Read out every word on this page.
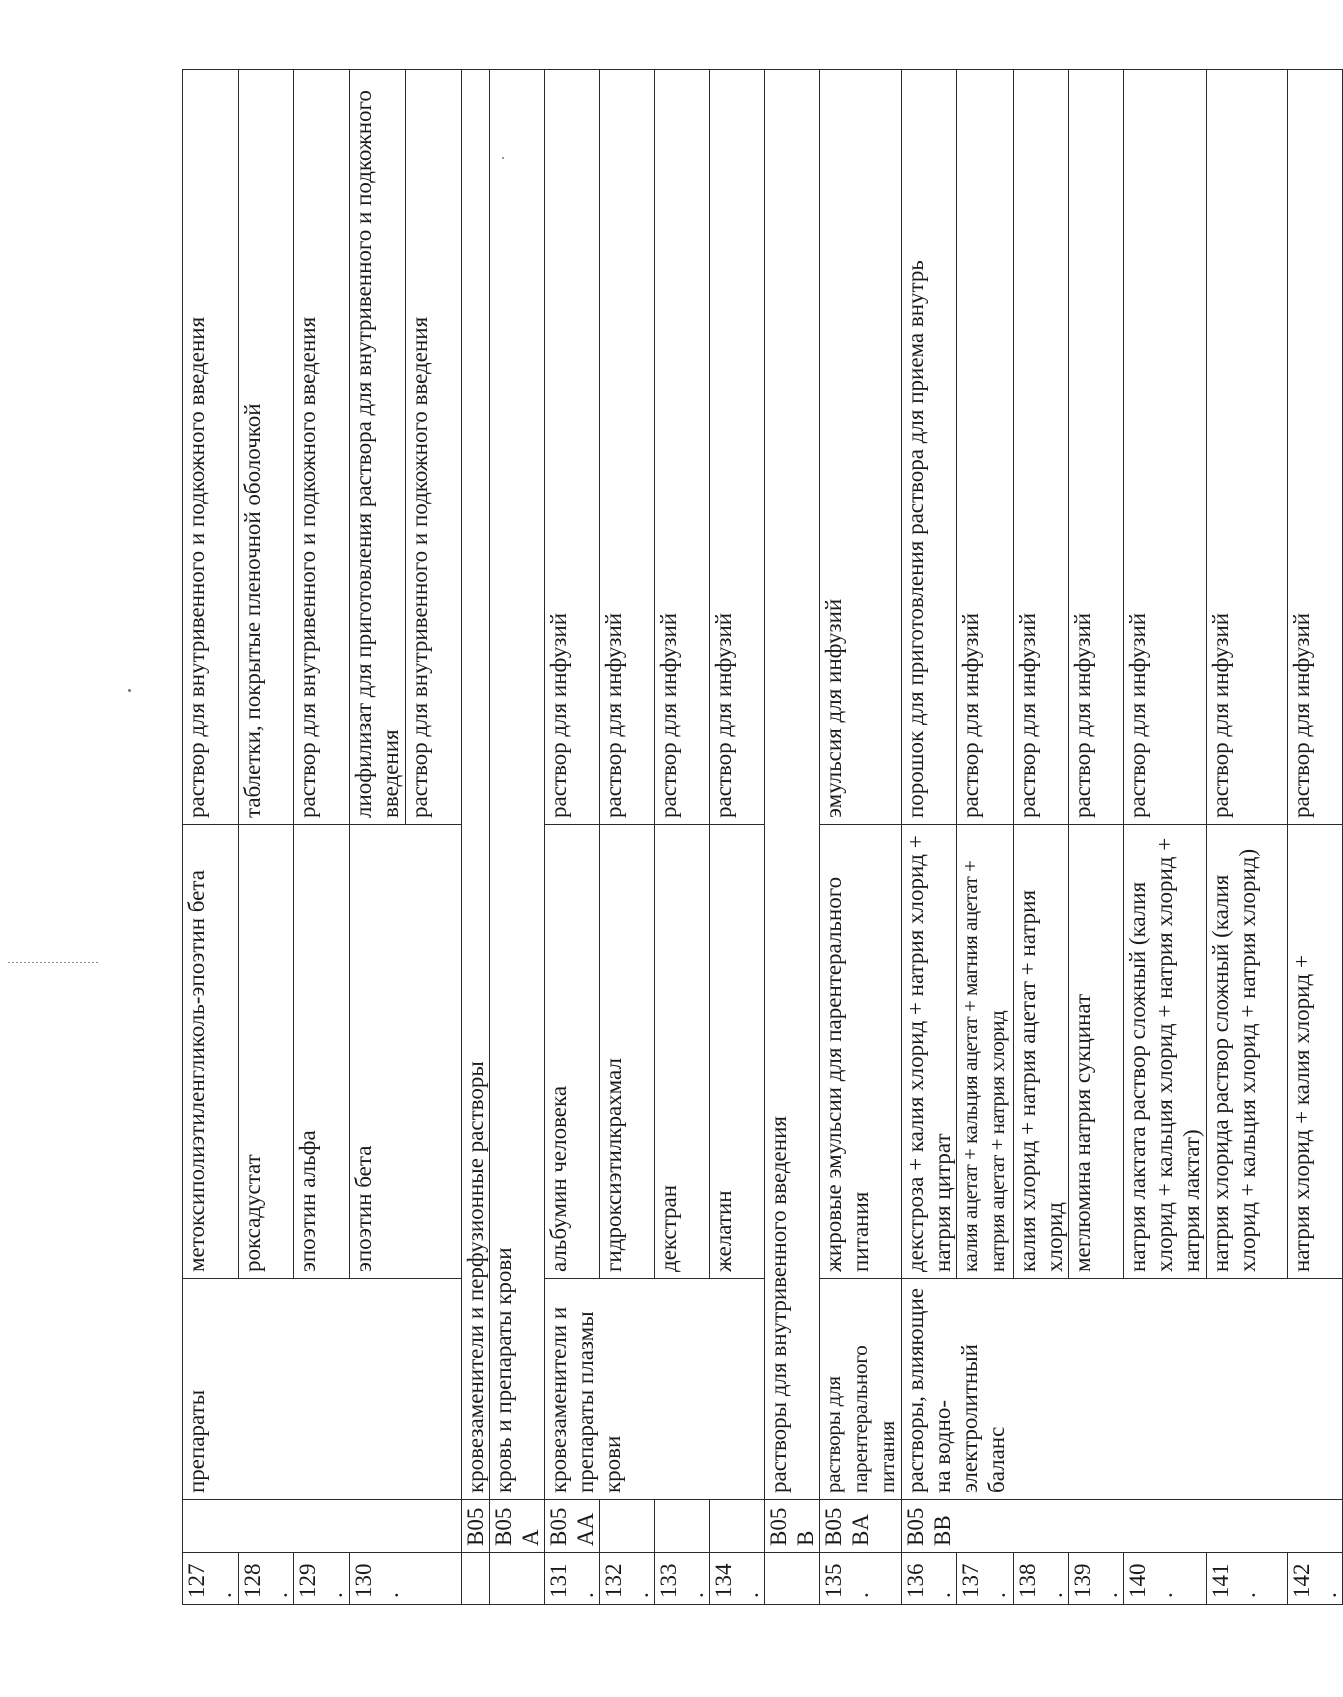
127.		препараты	метоксиполиэтиленгликоль-эпоэтин бета	раствор для внутривенного и подкожного введения
128.			роксадустат	таблетки, покрытые пленочной оболочкой
129.			эпоэтин альфа	раствор для внутривенного и подкожного введения
130.			эпоэтин бета	лиофилизат для приготовления раствора для внутривенного и подкожного введения
				раствор для внутривенного и подкожного введения
	B05	кровезаменители и перфузионные растворы		
	B05A	кровь и препараты крови		
131.	B05AA	кровезаменители и препараты плазмы крови	альбумин человека	раствор для инфузий
132.			гидроксиэтилкрахмал	раствор для инфузий
133.			декстран	раствор для инфузий
134.			желатин	раствор для инфузий
	B05B	растворы для внутривенного введения		
135.	B05BA	растворы для парентерального питания	жировые эмульсии для парентерального питания	эмульсия для инфузий
136.	B05BB	растворы, влияющие на водно-электролитный баланс	декстроза + калия хлорид + натрия хлорид + натрия цитрат	порошок для приготовления раствора для приема внутрь
137.			калия ацетат + кальция ацетат + магния ацетат + натрия ацетат + натрия хлорид	раствор для инфузий
138.			калия хлорид + натрия ацетат + натрия хлорид	раствор для инфузий
139.			меглюмина натрия сукцинат	раствор для инфузий
140.			натрия лактата раствор сложный (калия хлорид + кальция хлорид + натрия хлорид + натрия лактат)	раствор для инфузий
141.			натрия хлорида раствор сложный (калия хлорид + кальция хлорид + натрия хлорид)	раствор для инфузий
142.			натрия хлорид + калия хлорид +	раствор для инфузий
